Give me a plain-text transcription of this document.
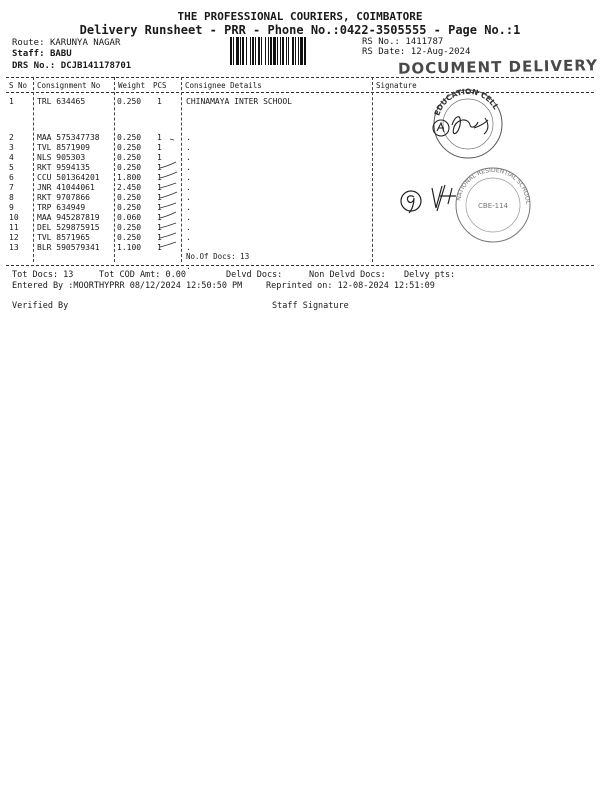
THE PROFESSIONAL COURIERS, COIMBATORE
Delivery Runsheet - PRR - Phone No.:0422-3505555 - Page No.:1
Route: KARUNYA NAGAR
Staff: BABU
DRS No.: DCJB141178701
RS No.: 1411787
RS Date: 12-Aug-2024
DOCUMENT DELIVERY
S No Consignment No Weight PCS Consignee Details	Signature
1	TRL 634465	0.250 1	CHINAMAYA INTER SCHOOL
2	MAA 575347738 0.250 1	.
3	TVL 8571909	0.250 1	.
4	NLS 905303	0.250 1	.
5	RKT 9594135	0.250 1	.
6	CCU 501364201 1.800 1	.
7	JNR 41044061	2.450 1	.
8	RKT 9707866	0.250 1	.
9	TRP 634949	0.250 1	.
10 MAA 945287819 0.060 1	.
11 DEL 529875915 0.250 1	.
12 TVL 8571965	0.250 1	.
13 BLR 590579341 1.100 1	.
No.Of Docs: 13
.
EDUCATION CELL
NATIONAL RESIDENTIAL SCHOOL
CBE-114
Tot Docs: 13	Tot COD Amt: 0.00	Delvd Docs:	Non Delvd Docs: Delvy pts:
Entered By :MOORTHYPRR 08/12/2024 12:50:50 PM	Reprinted on: 12-08-2024 12:51:09
Verified By	Staff Signature
